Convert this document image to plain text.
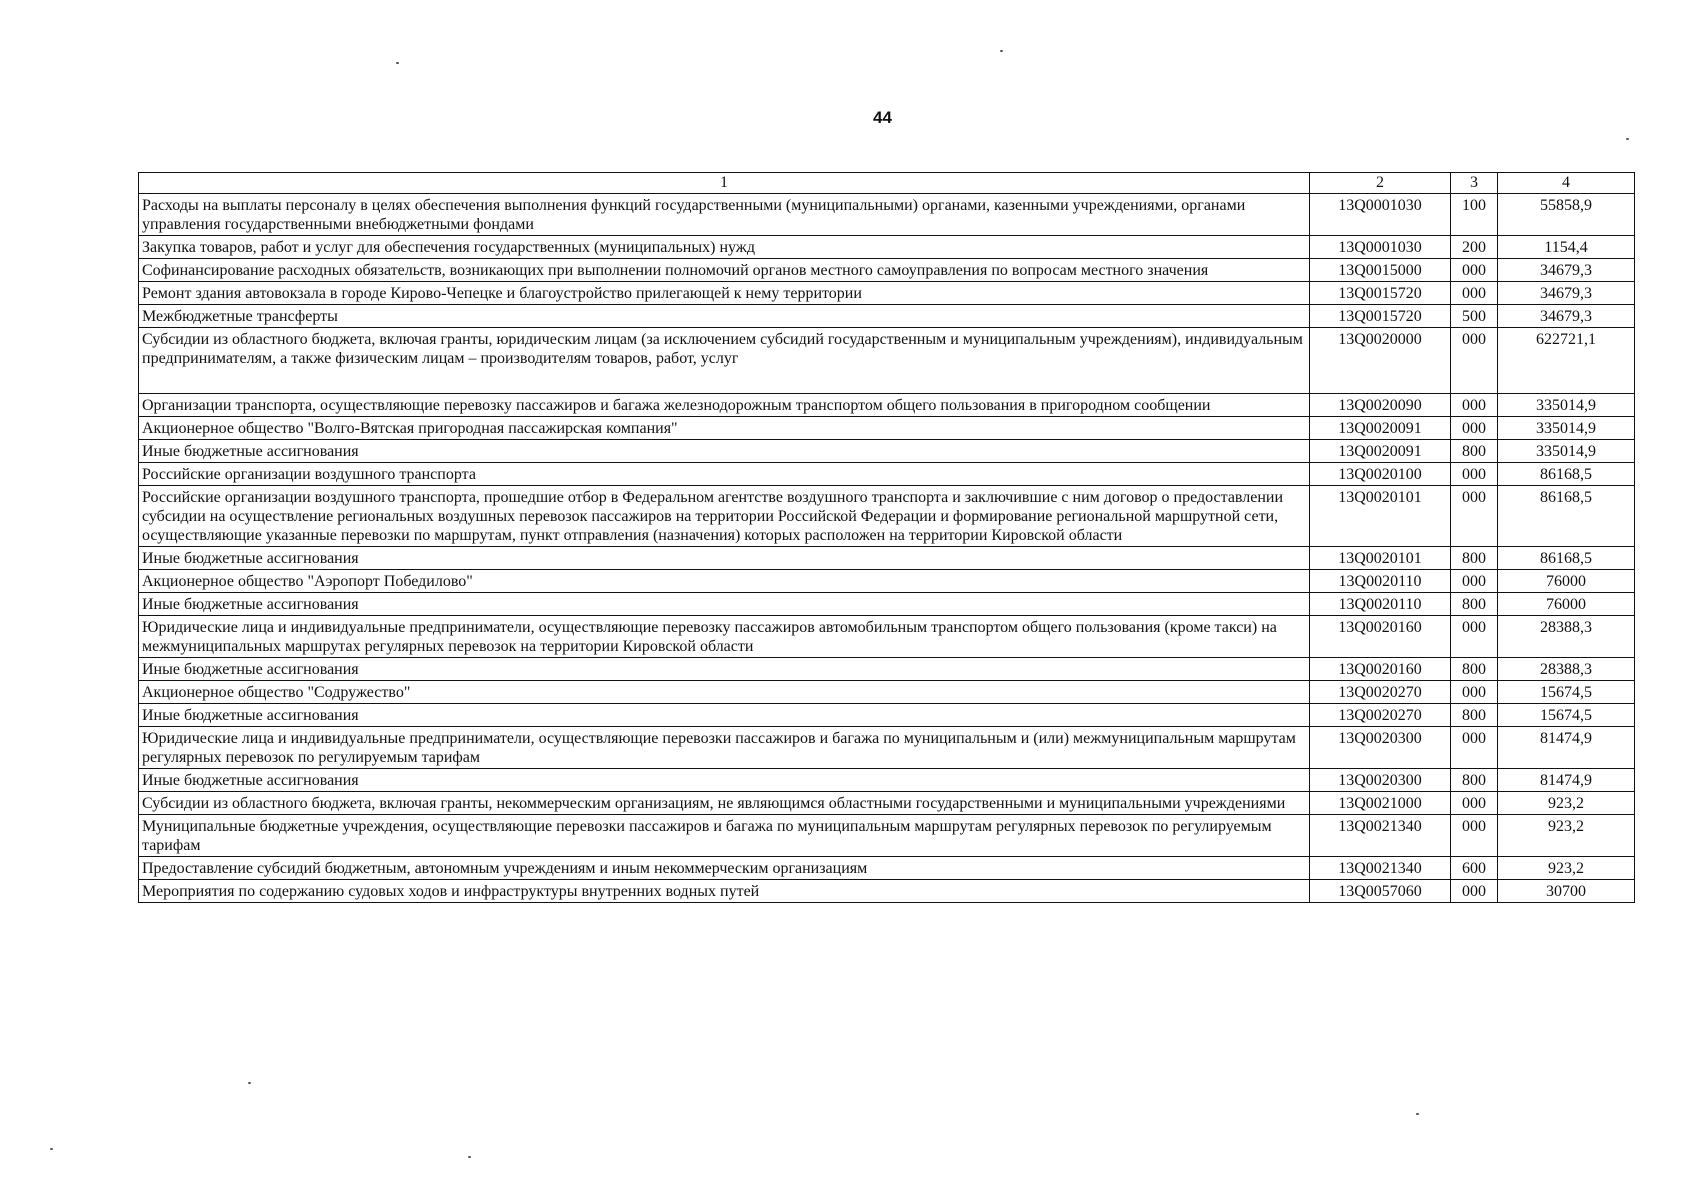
44
1	2	3	4
Расходы на выплаты персоналу в целях обеспечения выполнения функций государственными (муниципальными) органами, казенными учреждениями, органами управления государственными внебюджетными фондами	13Q0001030	100	55858,9
Закупка товаров, работ и услуг для обеспечения государственных (муниципальных) нужд	13Q0001030	200	1154,4
Софинансирование расходных обязательств, возникающих при выполнении полномочий органов местного самоуправления по вопросам местного значения	13Q0015000	000	34679,3
Ремонт здания автовокзала в городе Кирово-Чепецке и благоустройство прилегающей к нему территории	13Q0015720	000	34679,3
Межбюджетные трансферты	13Q0015720	500	34679,3
Субсидии из областного бюджета, включая гранты, юридическим лицам (за исключением субсидий государственным и муниципальным учреждениям), индивидуальным предпринимателям, а также физическим лицам – производителям товаров, работ, услуг	13Q0020000	000	622721,1
Организации транспорта, осуществляющие перевозку пассажиров и багажа железнодорожным транспортом общего пользования в пригородном сообщении	13Q0020090	000	335014,9
Акционерное общество "Волго-Вятская пригородная пассажирская компания"	13Q0020091	000	335014,9
Иные бюджетные ассигнования	13Q0020091	800	335014,9
Российские организации воздушного транспорта	13Q0020100	000	86168,5
Российские организации воздушного транспорта, прошедшие отбор в Федеральном агентстве воздушного транспорта и заключившие с ним договор о предоставлении субсидии на осуществление региональных воздушных перевозок пассажиров на территории Российской Федерации и формирование региональной маршрутной сети, осуществляющие указанные перевозки по маршрутам, пункт отправления (назначения) которых расположен на территории Кировской области	13Q0020101	000	86168,5
Иные бюджетные ассигнования	13Q0020101	800	86168,5
Акционерное общество "Аэропорт Победилово"	13Q0020110	000	76000
Иные бюджетные ассигнования	13Q0020110	800	76000
Юридические лица и индивидуальные предприниматели, осуществляющие перевозку пассажиров автомобильным транспортом общего пользования (кроме такси) на межмуниципальных маршрутах регулярных перевозок на территории Кировской области	13Q0020160	000	28388,3
Иные бюджетные ассигнования	13Q0020160	800	28388,3
Акционерное общество "Содружество"	13Q0020270	000	15674,5
Иные бюджетные ассигнования	13Q0020270	800	15674,5
Юридические лица и индивидуальные предприниматели, осуществляющие перевозки пассажиров и багажа по муниципальным и (или) межмуниципальным маршрутам регулярных перевозок по регулируемым тарифам	13Q0020300	000	81474,9
Иные бюджетные ассигнования	13Q0020300	800	81474,9
Субсидии из областного бюджета, включая гранты, некоммерческим организациям, не являющимся областными государственными и муниципальными учреждениями	13Q0021000	000	923,2
Муниципальные бюджетные учреждения, осуществляющие перевозки пассажиров и багажа по муниципальным маршрутам регулярных перевозок по регулируемым тарифам	13Q0021340	000	923,2
Предоставление субсидий бюджетным, автономным учреждениям и иным некоммерческим организациям	13Q0021340	600	923,2
Мероприятия по содержанию судовых ходов и инфраструктуры внутренних водных путей	13Q0057060	000	30700
